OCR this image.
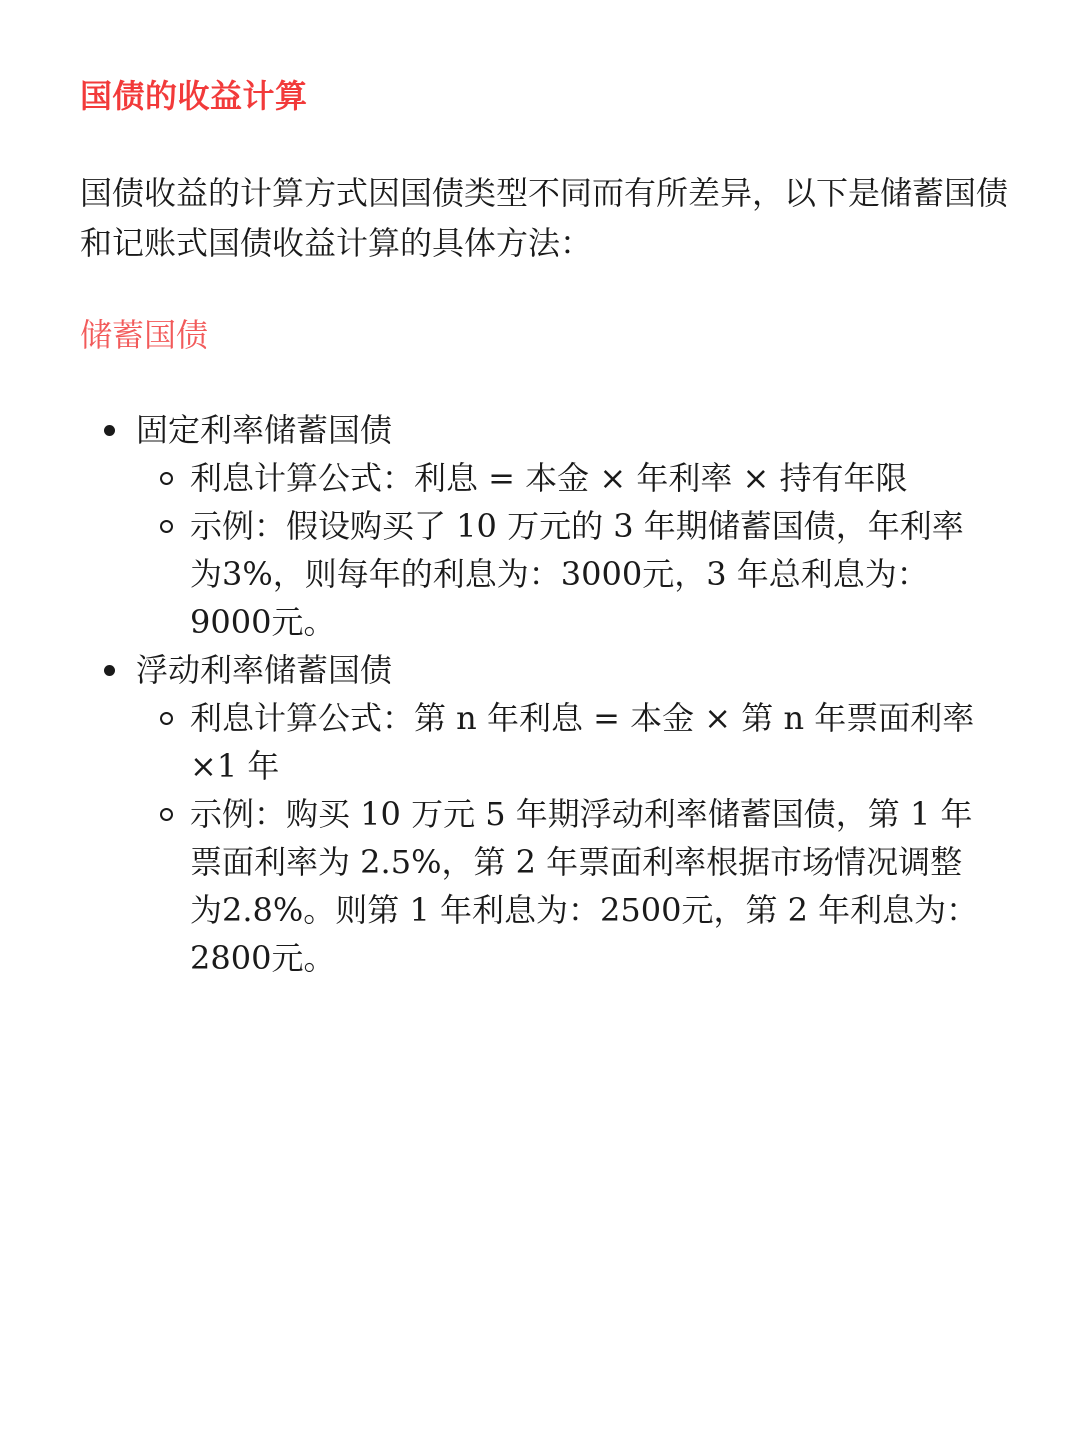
国债的收益计算

国债收益的计算方式因国债类型不同而有所差异，以下是储蓄国债和记账式国债收益计算的具体方法：

储蓄国债
固定利率储蓄国债
利息计算公式：利息 = 本金 × 年利率 × 持有年限
示例：假设购买了 10 万元的 3 年期储蓄国债，年利率为3%，则每年的利息为：3000元，3 年总利息为：9000元。
浮动利率储蓄国债
利息计算公式：第 n 年利息 = 本金 × 第 n 年票面利率 ×1 年
示例：购买 10 万元 5 年期浮动利率储蓄国债，第 1 年票面利率为 2.5%，第 2 年票面利率根据市场情况调整为2.8%。则第 1 年利息为：2500元，第 2 年利息为：2800元。
